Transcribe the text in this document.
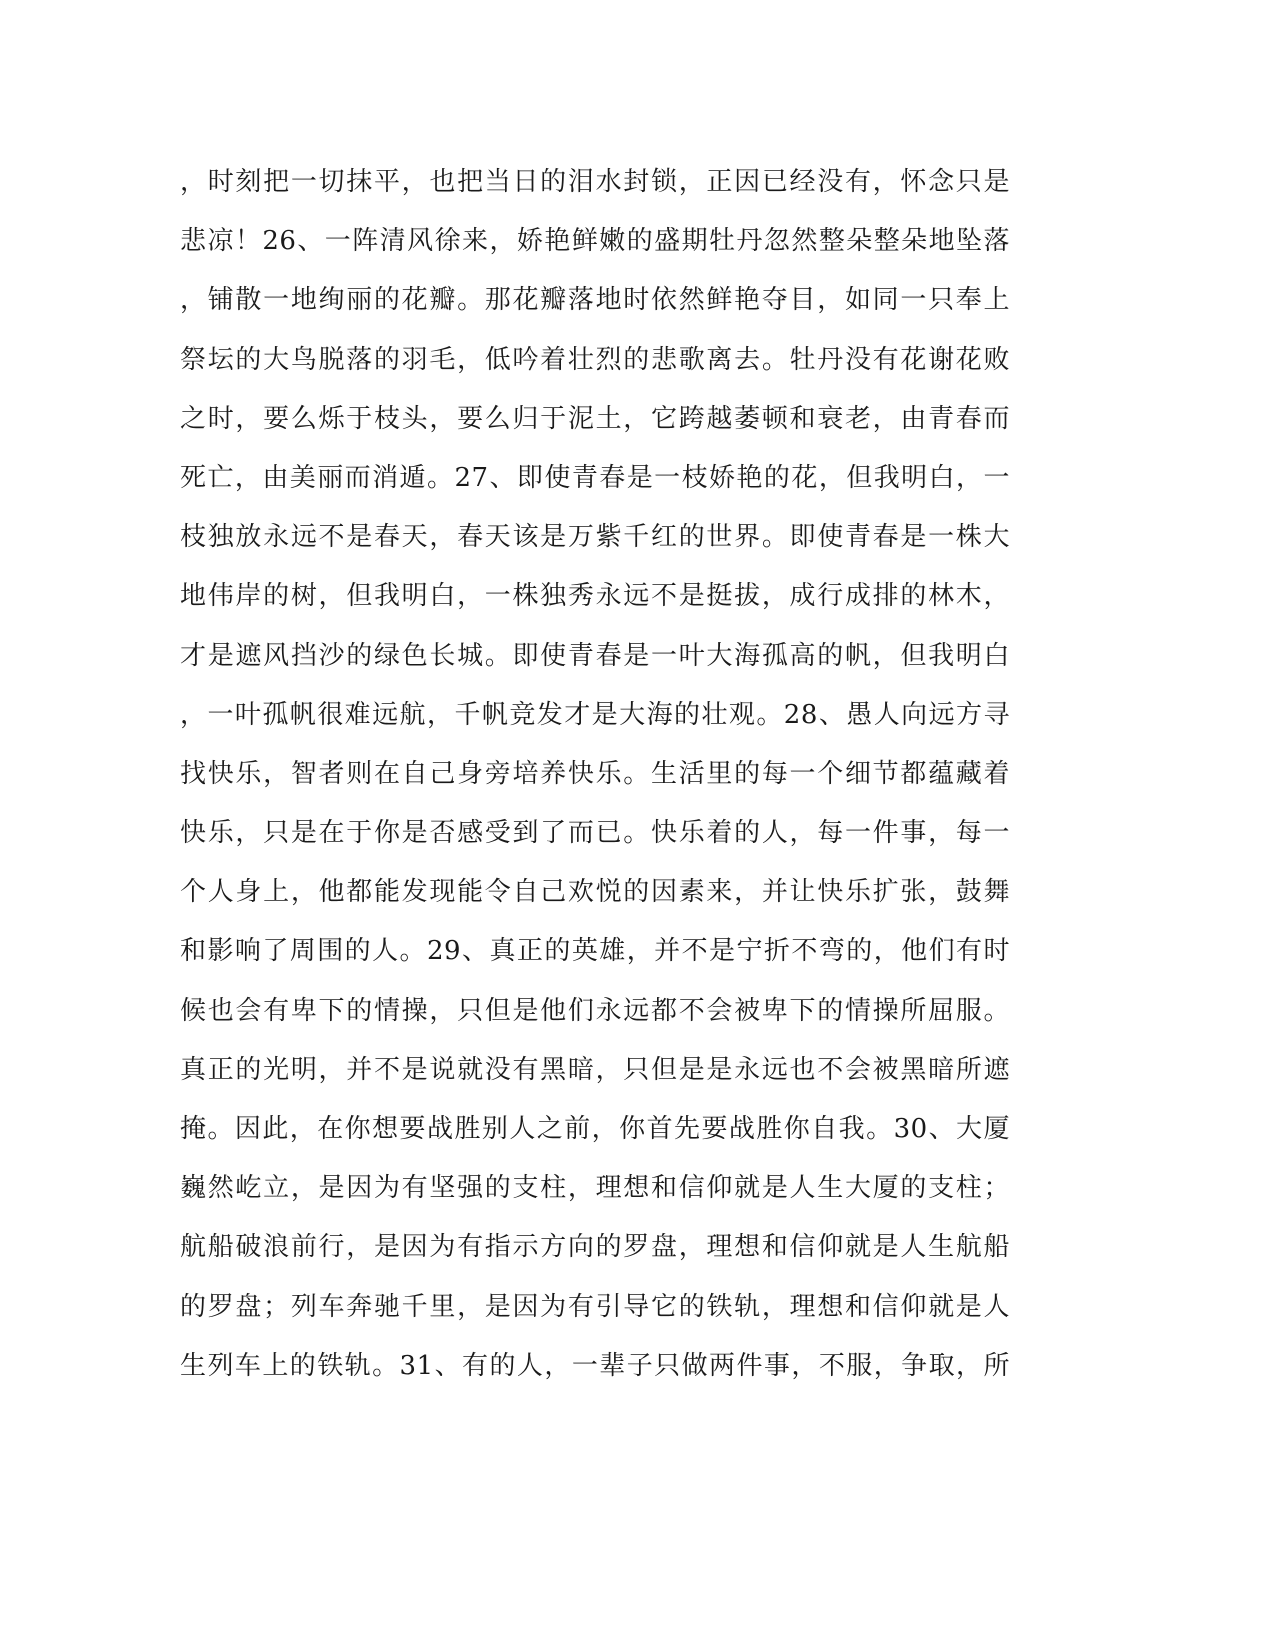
，时刻把一切抹平，也把当日的泪水封锁，正因已经没有，怀念只是
悲凉！26、一阵清风徐来，娇艳鲜嫩的盛期牡丹忽然整朵整朵地坠落
，铺散一地绚丽的花瓣。那花瓣落地时依然鲜艳夺目，如同一只奉上
祭坛的大鸟脱落的羽毛，低吟着壮烈的悲歌离去。牡丹没有花谢花败
之时，要么烁于枝头，要么归于泥土，它跨越萎顿和衰老，由青春而
死亡，由美丽而消遁。27、即使青春是一枝娇艳的花，但我明白，一
枝独放永远不是春天，春天该是万紫千红的世界。即使青春是一株大
地伟岸的树，但我明白，一株独秀永远不是挺拔，成行成排的林木，
才是遮风挡沙的绿色长城。即使青春是一叶大海孤高的帆，但我明白
，一叶孤帆很难远航，千帆竞发才是大海的壮观。28、愚人向远方寻
找快乐，智者则在自己身旁培养快乐。生活里的每一个细节都蕴藏着
快乐，只是在于你是否感受到了而已。快乐着的人，每一件事，每一
个人身上，他都能发现能令自己欢悦的因素来，并让快乐扩张，鼓舞
和影响了周围的人。29、真正的英雄，并不是宁折不弯的，他们有时
候也会有卑下的情操，只但是他们永远都不会被卑下的情操所屈服。
真正的光明，并不是说就没有黑暗，只但是是永远也不会被黑暗所遮
掩。因此，在你想要战胜别人之前，你首先要战胜你自我。30、大厦
巍然屹立，是因为有坚强的支柱，理想和信仰就是人生大厦的支柱；
航船破浪前行，是因为有指示方向的罗盘，理想和信仰就是人生航船
的罗盘；列车奔驰千里，是因为有引导它的铁轨，理想和信仰就是人
生列车上的铁轨。31、有的人，一辈子只做两件事，不服，争取，所
